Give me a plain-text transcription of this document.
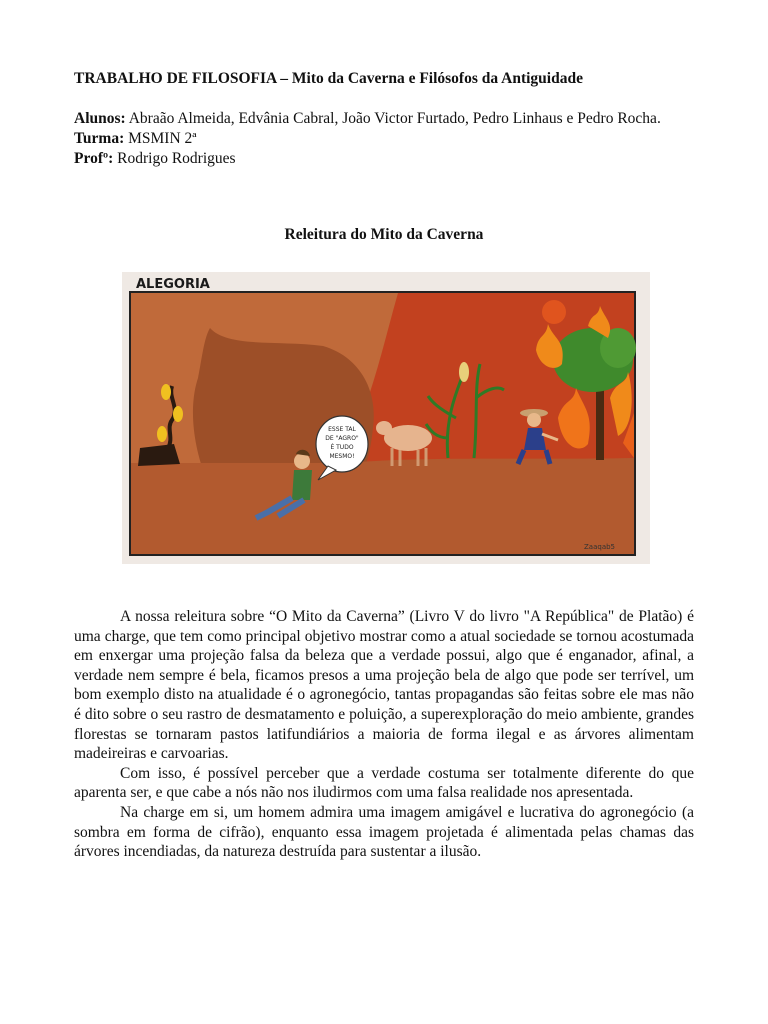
TRABALHO DE FILOSOFIA – Mito da Caverna e Filósofos da Antiguidade
Alunos: Abraão Almeida, Edvânia Cabral, João Victor Furtado, Pedro Linhaus e Pedro Rocha.
Turma: MSMIN 2ª
Profº: Rodrigo Rodrigues
Releitura do Mito da Caverna
ALEGORIA
ESSE TAL
DE "AGRO"
É TUDO
MESMO!
Zaaqab5

A nossa releitura sobre “O Mito da Caverna” (Livro V do livro "A República" de Platão) é uma charge, que tem como principal objetivo mostrar como a atual sociedade se tornou acostumada em enxergar uma projeção falsa da beleza que a verdade possui, algo que é enganador, afinal, a verdade nem sempre é bela, ficamos presos a uma projeção bela de algo que pode ser terrível, um bom exemplo disto na atualidade é o agronegócio, tantas propagandas são feitas sobre ele mas não é dito sobre o seu rastro de desmatamento e poluição, a superexploração do meio ambiente, grandes florestas se tornaram pastos latifundiários a maioria de forma ilegal e as árvores alimentam madeireiras e carvoarias.

Com isso, é possível perceber que a verdade costuma ser totalmente diferente do que aparenta ser, e que cabe a nós não nos iludirmos com uma falsa realidade nos apresentada.

Na charge em si, um homem admira uma imagem amigável e lucrativa do agronegócio (a sombra em forma de cifrão), enquanto essa imagem projetada é alimentada pelas chamas das árvores incendiadas, da natureza destruída para sustentar a ilusão.
